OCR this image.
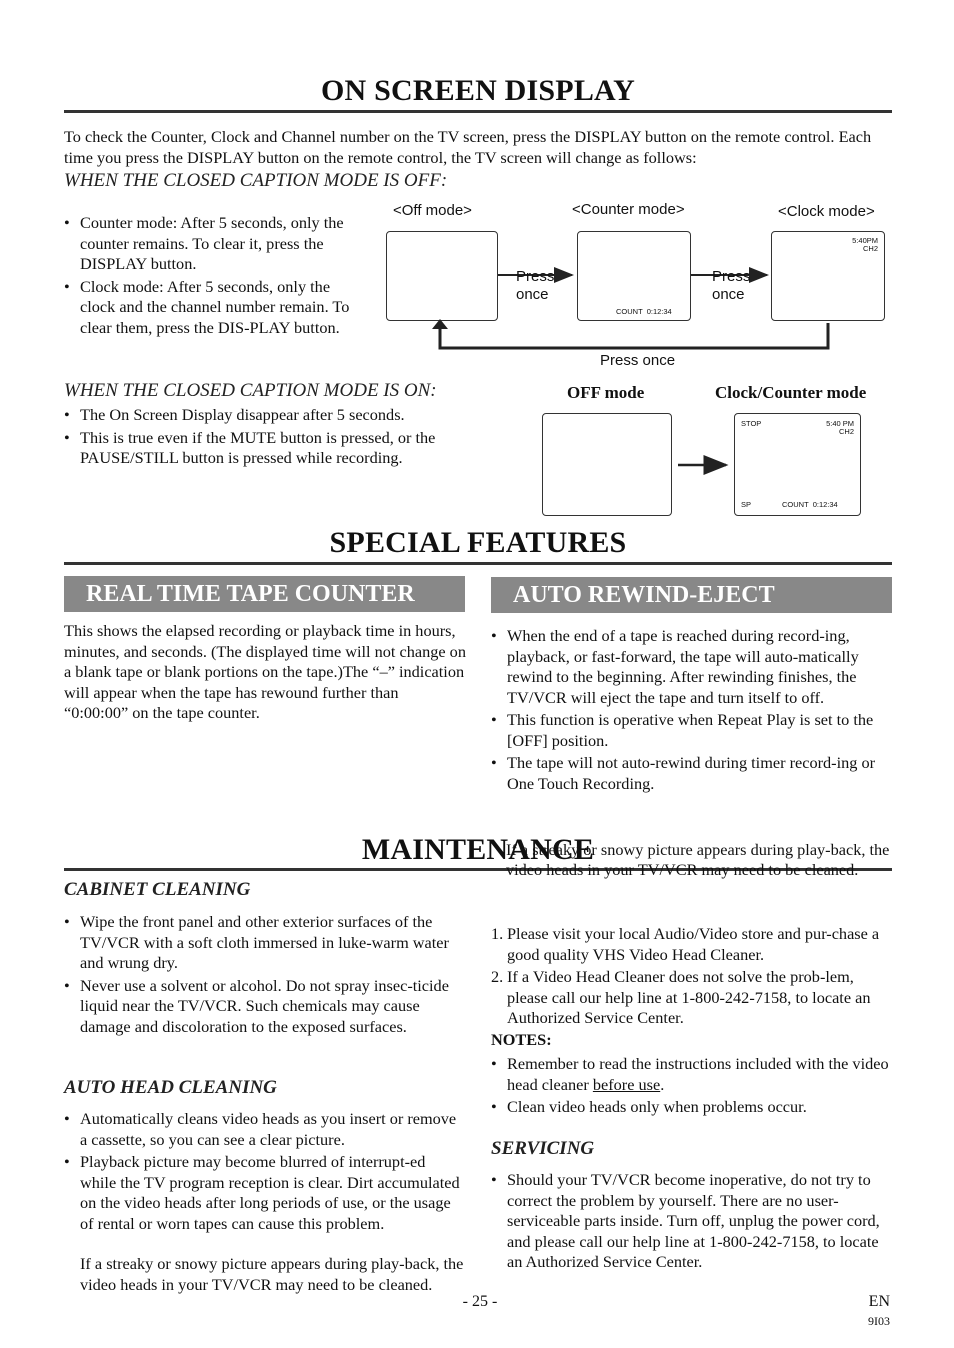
ON SCREEN DISPLAY
To check the Counter, Clock and Channel number on the TV screen, press the DISPLAY button on the remote control. Each time you press the DISPLAY button on the remote control, the TV screen will change as follows:
WHEN THE CLOSED CAPTION MODE IS OFF:
• Counter mode: After 5 seconds, only the counter remains. To clear it, press the DISPLAY button.
• Clock mode: After 5 seconds, only the clock and the channel number remain. To clear them, press the DIS-PLAY button.
<Off mode>	<Counter mode>	<Clock mode>
COUNT  0:12:34
5:40PM
CH2
Press
once
Press
once
Press once
WHEN THE CLOSED CAPTION MODE IS ON:
• The On Screen Display disappear after 5 seconds.
• This is true even if the MUTE button is pressed, or the PAUSE/STILL button is pressed while recording.
OFF mode	Clock/Counter mode
STOP	5:40 PM
CH2
SP	COUNT  0:12:34
SPECIAL FEATURES
REAL TIME TAPE COUNTER	AUTO REWIND-EJECT
This shows the elapsed recording or playback time in hours, minutes, and seconds. (The displayed time will not change on a blank tape or blank portions on the tape.)The “–” indication will appear when the tape has rewound further than “0:00:00” on the tape counter.
• When the end of a tape is reached during record-ing, playback, or fast-forward, the tape will auto-matically rewind to the beginning. After rewinding finishes, the TV/VCR will eject the tape and turn itself to off.
• This function is operative when Repeat Play is set to the [OFF] position.
• The tape will not auto-rewind during timer record-ing or One Touch Recording.
MAINTENANCE
CABINET CLEANING
• Wipe the front panel and other exterior surfaces of the TV/VCR with a soft cloth immersed in luke-warm water and wrung dry.
• Never use a solvent or alcohol. Do not spray insec-ticide liquid near the TV/VCR. Such chemicals may cause damage and discoloration to the exposed surfaces.
AUTO HEAD CLEANING
• Automatically cleans video heads as you insert or remove a cassette, so you can see a clear picture.
• Playback picture may become blurred of interrupt-ed while the TV program reception is clear. Dirt accumulated on the video heads after long periods of use, or the usage of rental or worn tapes can cause this problem.
If a streaky or snowy picture appears during play-back, the video heads in your TV/VCR may need to be cleaned.
If a streaky or snowy picture appears during play-back, the video heads in your TV/VCR may need to be cleaned.
1. Please visit your local Audio/Video store and pur-chase a good quality VHS Video Head Cleaner.
2. If a Video Head Cleaner does not solve the prob-lem, please call our help line at 1-800-242-7158, to locate an Authorized Service Center.
NOTES:
• Remember to read the instructions included with the video head cleaner before use.
• Clean video heads only when problems occur.
SERVICING
• Should your TV/VCR become inoperative, do not try to correct the problem by yourself. There are no user-serviceable parts inside. Turn off, unplug the power cord, and please call our help line at 1-800-242-7158, to locate an Authorized Service Center.
- 25 -	EN
9I03
